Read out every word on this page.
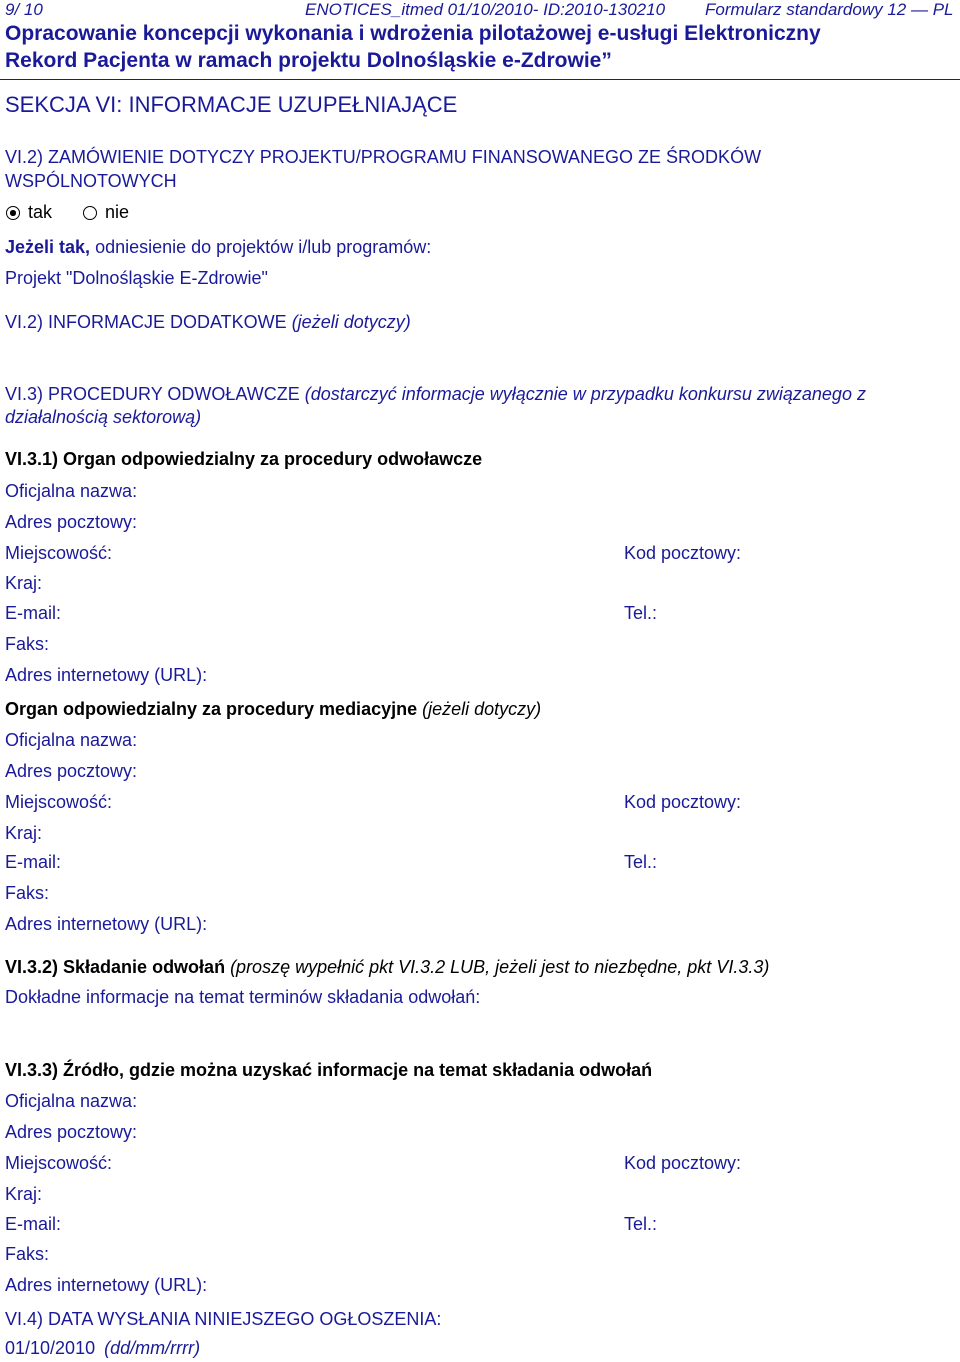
9/ 10	ENOTICES_itmed 01/10/2010- ID:2010-130210 Formularz standardowy 12 — PL
Opracowanie koncepcji wykonania i wdrożenia pilotażowej e-usługi Elektroniczny
Rekord Pacjenta w ramach projektu Dolnośląskie e-Zdrowie”
SEKCJA VI: INFORMACJE UZUPEŁNIAJĄCE
VI.2) ZAMÓWIENIE DOTYCZY PROJEKTU/PROGRAMU FINANSOWANEGO ZE ŚRODKÓW
WSPÓLNOTOWYCH
tak	nie
Jeżeli tak, odniesienie do projektów i/lub programów:
Projekt "Dolnośląskie E-Zdrowie"
VI.2) INFORMACJE DODATKOWE (jeżeli dotyczy)
VI.3) PROCEDURY ODWOŁAWCZE (dostarczyć informacje wyłącznie w przypadku konkursu związanego z
działalnością sektorową)
VI.3.1) Organ odpowiedzialny za procedury odwoławcze
Oficjalna nazwa:
Adres pocztowy:
Miejscowość:	Kod pocztowy:
Kraj:
E-mail:	Tel.:
Faks:
Adres internetowy (URL):
Organ odpowiedzialny za procedury mediacyjne (jeżeli dotyczy)
Oficjalna nazwa:
Adres pocztowy:
Miejscowość:	Kod pocztowy:
Kraj:
E-mail:	Tel.:
Faks:
Adres internetowy (URL):
VI.3.2) Składanie odwołań (proszę wypełnić pkt VI.3.2 LUB, jeżeli jest to niezbędne, pkt VI.3.3)
Dokładne informacje na temat terminów składania odwołań:
VI.3.3) Źródło, gdzie można uzyskać informacje na temat składania odwołań
Oficjalna nazwa:
Adres pocztowy:
Miejscowość:	Kod pocztowy:
Kraj:
E-mail:	Tel.:
Faks:
Adres internetowy (URL):
VI.4) DATA WYSŁANIA NINIEJSZEGO OGŁOSZENIA:
01/10/2010 (dd/mm/rrrr)
